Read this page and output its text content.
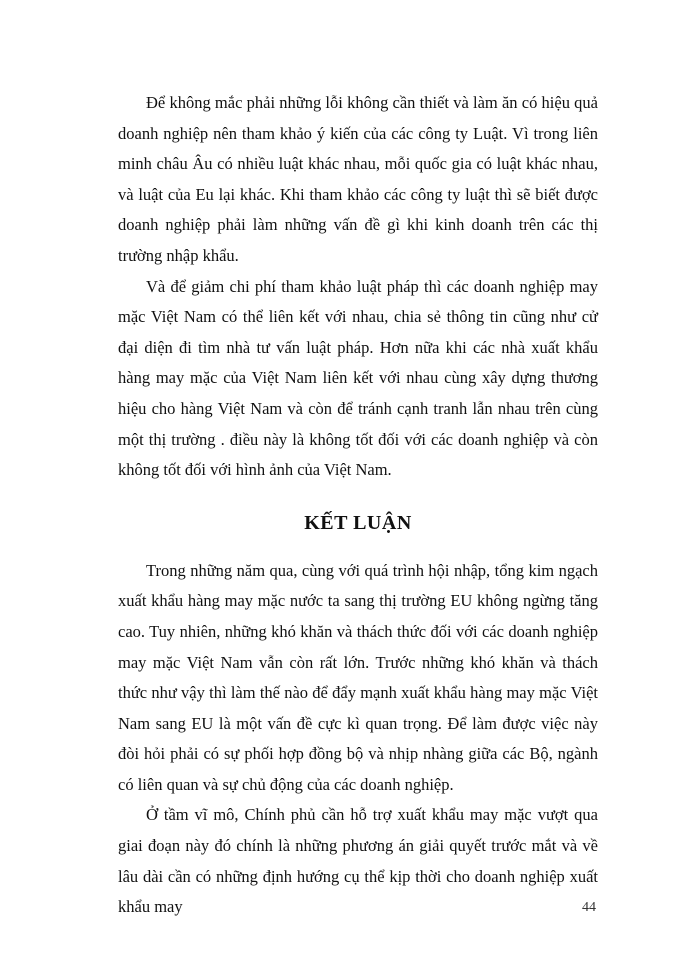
Để không mắc phải những lỗi không cần thiết và làm ăn có hiệu quả doanh nghiệp nên tham khảo ý kiến của các công ty Luật. Vì trong liên minh châu Âu có nhiều luật khác nhau, mỗi quốc gia có luật khác nhau, và luật của Eu lại khác. Khi tham khảo các công ty luật thì sẽ biết được doanh nghiệp phải làm những vấn đề gì khi kinh doanh trên các thị trường nhập khẩu.

Và để giảm chi phí tham khảo luật pháp thì các doanh nghiệp may mặc Việt Nam có thể liên kết với nhau, chia sẻ thông tin cũng như cử đại diện đi tìm nhà tư vấn luật pháp. Hơn nữa khi các nhà xuất khẩu hàng may mặc của Việt Nam liên kết với nhau cùng xây dựng thương hiệu cho hàng Việt Nam và còn để tránh cạnh tranh lẫn nhau trên cùng một thị trường . điều này là không tốt đối với các doanh nghiệp và còn không tốt đối với hình ảnh của Việt Nam.

KẾT LUẬN

Trong những năm qua, cùng với quá trình hội nhập, tổng kim ngạch xuất khẩu hàng may mặc nước ta sang thị trường EU không ngừng tăng cao. Tuy nhiên, những khó khăn và thách thức đối với các doanh nghiệp may mặc Việt Nam vẫn còn rất lớn. Trước những khó khăn và thách thức như vậy thì làm thế nào để đẩy mạnh xuất khẩu hàng may mặc Việt Nam sang EU là một vấn đề cực kì quan trọng. Để làm được việc này đòi hỏi phải có sự phối hợp đồng bộ và nhịp nhàng giữa các Bộ, ngành có liên quan và sự chủ động của các doanh nghiệp.

Ở tầm vĩ mô, Chính phủ cần hỗ trợ xuất khẩu may mặc vượt qua giai đoạn này đó chính là những phương án giải quyết trước mắt và về lâu dài cần có những định hướng cụ thể kịp thời cho doanh nghiệp xuất khẩu may	44
